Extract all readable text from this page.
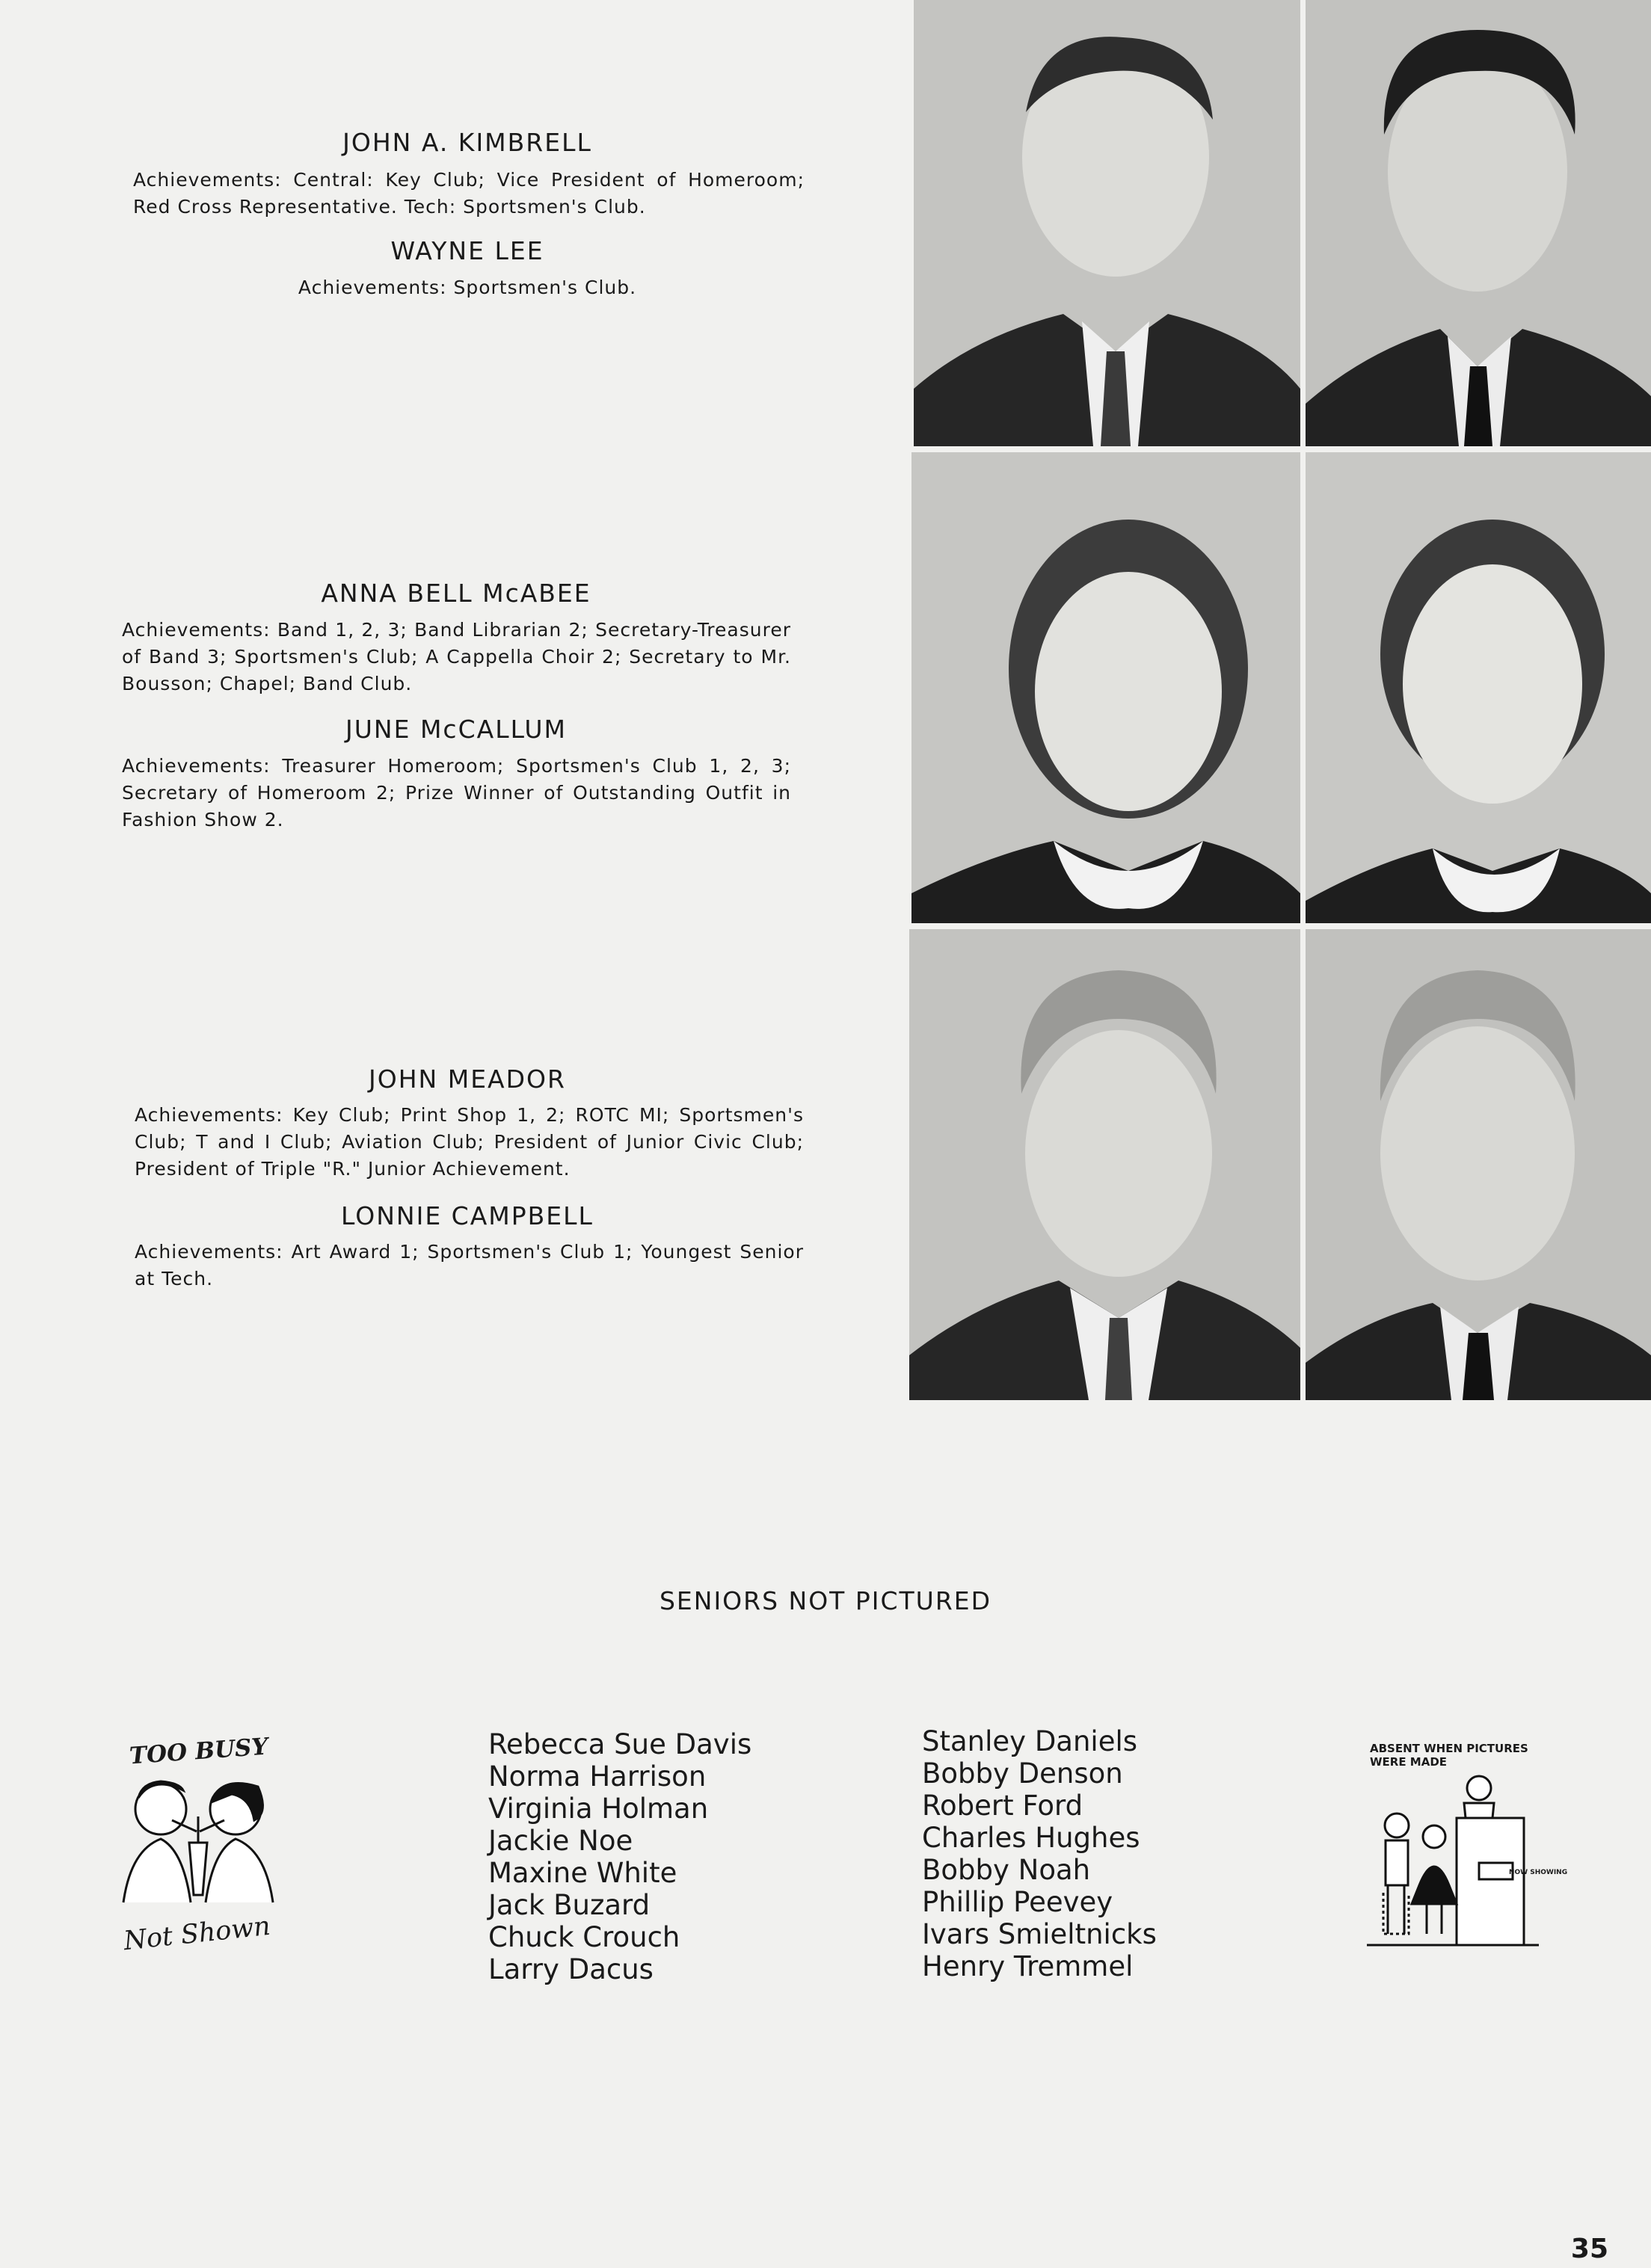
JOHN A. KIMBRELL
Achievements: Central: Key Club; Vice President of Homeroom; Red Cross Representative. Tech: Sportsmen's Club.
WAYNE LEE
Achievements: Sportsmen's Club.
ANNA BELL McABEE
Achievements: Band 1, 2, 3; Band Librarian 2; Secretary-Treasurer of Band 3; Sportsmen's Club; A Cappella Choir 2; Secretary to Mr. Bousson; Chapel; Band Club.
JUNE McCALLUM
Achievements: Treasurer Homeroom; Sportsmen's Club 1, 2, 3; Secretary of Homeroom 2; Prize Winner of Outstanding Outfit in Fashion Show 2.
JOHN MEADOR
Achievements: Key Club; Print Shop 1, 2; ROTC MI; Sportsmen's Club; T and I Club; Aviation Club; President of Junior Civic Club; President of Triple "R." Junior Achievement.
LONNIE CAMPBELL
Achievements: Art Award 1; Sportsmen's Club 1; Youngest Senior at Tech.
SENIORS NOT PICTURED
Rebecca Sue Davis
Norma Harrison
Virginia Holman
Jackie Noe
Maxine White
Jack Buzard
Chuck Crouch
Larry Dacus
Stanley Daniels
Bobby Denson
Robert Ford
Charles Hughes
Bobby Noah
Phillip Peevey
Ivars Smieltnicks
Henry Tremmel
TOO BUSY
Not Shown
ABSENT WHEN PICTURES WERE MADE
NOW SHOWING
35
